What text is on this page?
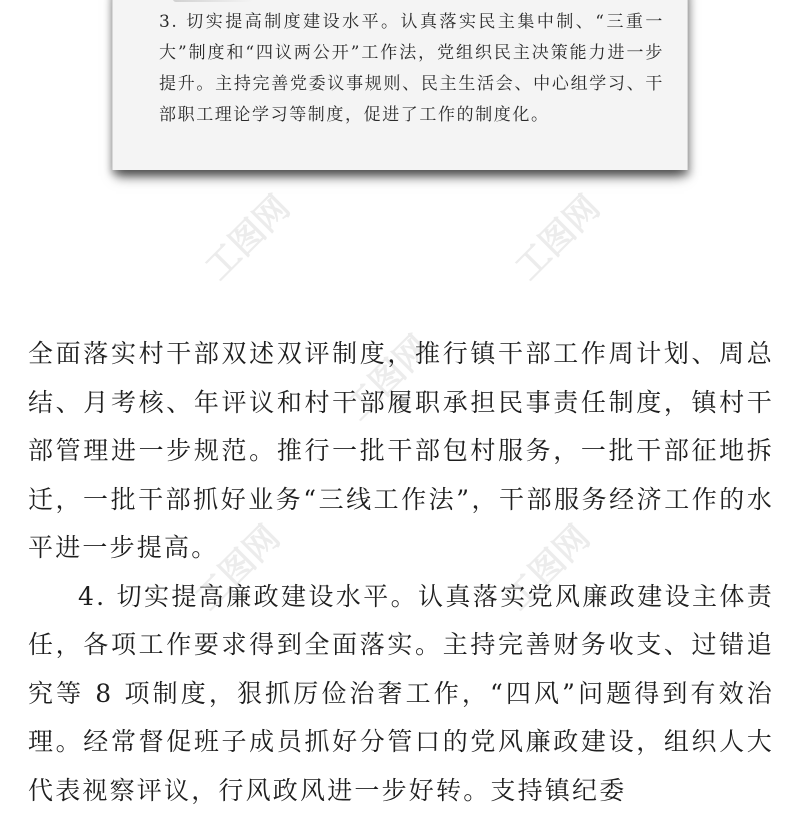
工图网	工图网
工图网
工图网	工图网

3. 切实提高制度建设水平。认真落实民主集中制、“三重一大”制度和“四议两公开”工作法，党组织民主决策能力进一步提升。主持完善党委议事规则、民主生活会、中心组学习、干部职工理论学习等制度，促进了工作的制度化。

全面落实村干部双述双评制度，推行镇干部工作周计划、周总结、月考核、年评议和村干部履职承担民事责任制度，镇村干部管理进一步规范。推行一批干部包村服务，一批干部征地拆迁，一批干部抓好业务“三线工作法”，干部服务经济工作的水平进一步提高。

4. 切实提高廉政建设水平。认真落实党风廉政建设主体责任，各项工作要求得到全面落实。主持完善财务收支、过错追究等 8 项制度，狠抓厉俭治奢工作，“四风”问题得到有效治理。经常督促班子成员抓好分管口的党风廉政建设，组织人大代表视察评议，行风政风进一步好转。支持镇纪委
